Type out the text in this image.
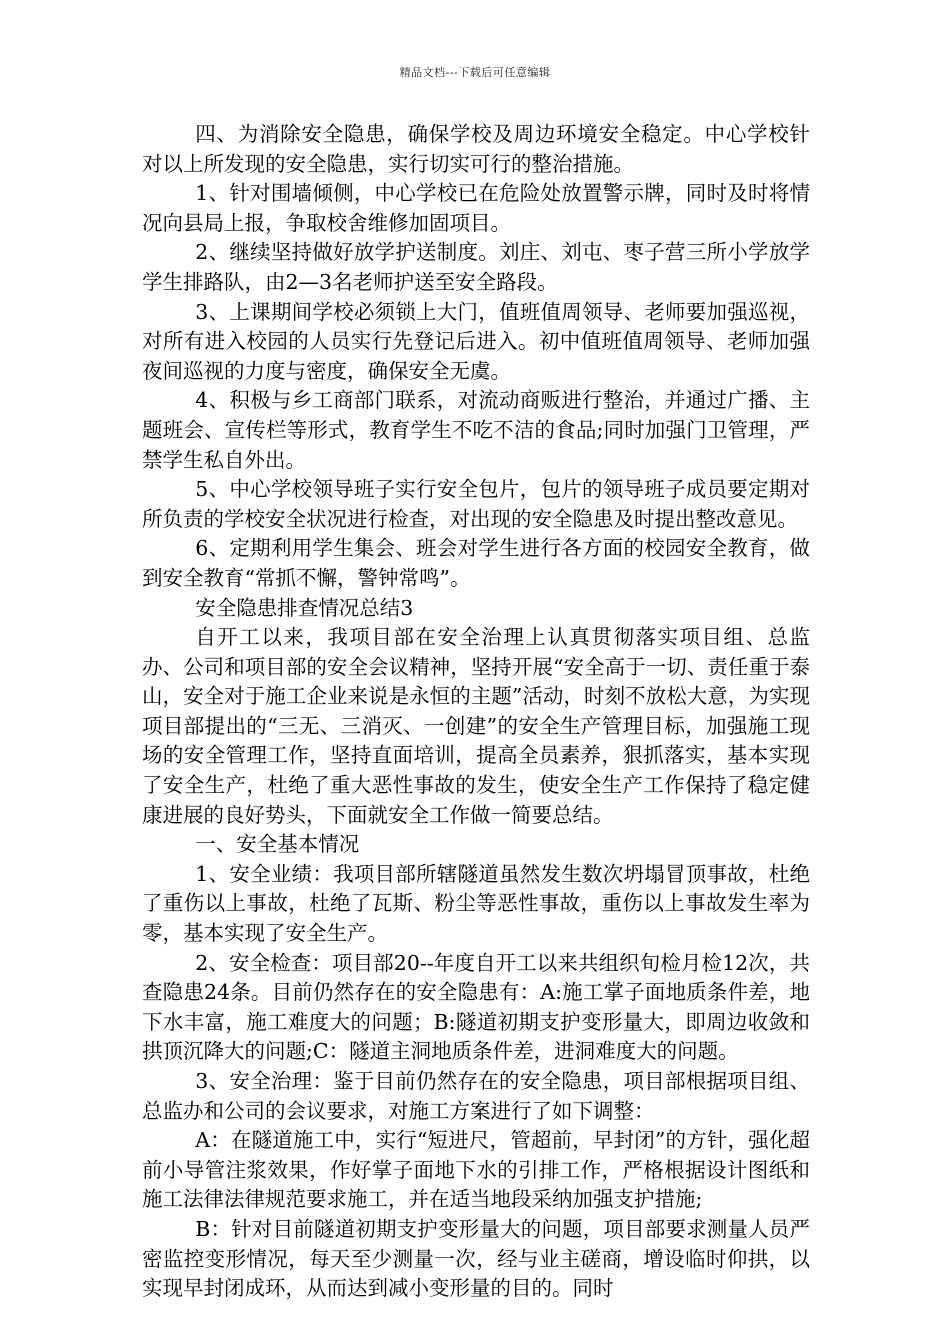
精品文档---下载后可任意编辑

四、为消除安全隐患，确保学校及周边环境安全稳定。中心学校针对以上所发现的安全隐患，实行切实可行的整治措施。

1、针对围墙倾侧，中心学校已在危险处放置警示牌，同时及时将情况向县局上报，争取校舍维修加固项目。

2、继续坚持做好放学护送制度。刘庄、刘屯、枣子营三所小学放学学生排路队，由2—3名老师护送至安全路段。

3、上课期间学校必须锁上大门，值班值周领导、老师要加强巡视，对所有进入校园的人员实行先登记后进入。初中值班值周领导、老师加强夜间巡视的力度与密度，确保安全无虞。

4、积极与乡工商部门联系，对流动商贩进行整治，并通过广播、主题班会、宣传栏等形式，教育学生不吃不洁的食品;同时加强门卫管理，严禁学生私自外出。

5、中心学校领导班子实行安全包片，包片的领导班子成员要定期对所负责的学校安全状况进行检查，对出现的安全隐患及时提出整改意见。

6、定期利用学生集会、班会对学生进行各方面的校园安全教育，做到安全教育“常抓不懈，警钟常鸣”。

安全隐患排查情况总结3

自开工以来，我项目部在安全治理上认真贯彻落实项目组、总监办、公司和项目部的安全会议精神，坚持开展“安全高于一切、责任重于泰山，安全对于施工企业来说是永恒的主题”活动，时刻不放松大意，为实现项目部提出的“三无、三消灭、一创建”的安全生产管理目标，加强施工现场的安全管理工作，坚持直面培训，提高全员素养，狠抓落实，基本实现了安全生产，杜绝了重大恶性事故的发生，使安全生产工作保持了稳定健康进展的良好势头，下面就安全工作做一简要总结。

一、安全基本情况

1、安全业绩：我项目部所辖隧道虽然发生数次坍塌冒顶事故，杜绝了重伤以上事故，杜绝了瓦斯、粉尘等恶性事故，重伤以上事故发生率为零，基本实现了安全生产。

2、安全检查：项目部20--年度自开工以来共组织旬检月检12次，共查隐患24条。目前仍然存在的安全隐患有：A:施工掌子面地质条件差，地下水丰富，施工难度大的问题；B:隧道初期支护变形量大，即周边收敛和拱顶沉降大的问题;C：隧道主洞地质条件差，进洞难度大的问题。

3、安全治理：鉴于目前仍然存在的安全隐患，项目部根据项目组、总监办和公司的会议要求，对施工方案进行了如下调整：

A：在隧道施工中，实行“短进尺，管超前，早封闭”的方针，强化超前小导管注浆效果，作好掌子面地下水的引排工作，严格根据设计图纸和施工法律法律规范要求施工，并在适当地段采纳加强支护措施;

B：针对目前隧道初期支护变形量大的问题，项目部要求测量人员严密监控变形情况，每天至少测量一次，经与业主磋商，增设临时仰拱，以实现早封闭成环，从而达到减小变形量的目的。同时
